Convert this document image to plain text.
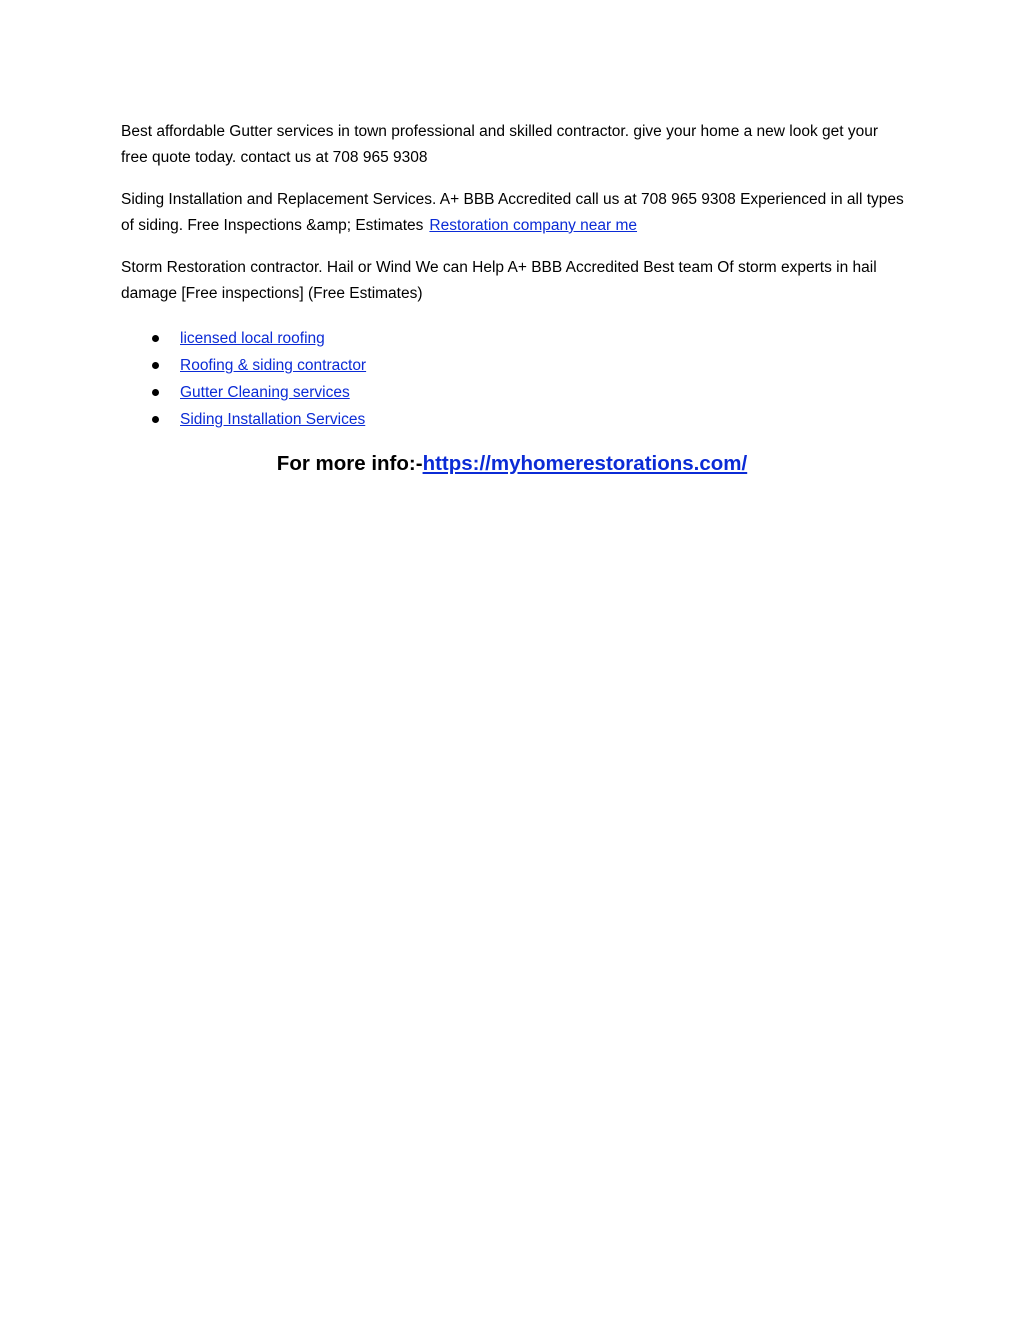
Best affordable Gutter services in town professional and skilled contractor. give your home a new look get your free quote today. contact us at 708 965 9308

Siding Installation and Replacement Services. A+ BBB Accredited call us at 708 965 9308 Experienced in all types of siding. Free Inspections &amp; Estimates Restoration company near me

Storm Restoration contractor. Hail or Wind We can Help A+ BBB Accredited Best team Of storm experts in hail damage [Free inspections] (Free Estimates)

licensed local roofing
Roofing & siding contractor
Gutter Cleaning services
Siding Installation Services
For more info:-https://myhomerestorations.com/
